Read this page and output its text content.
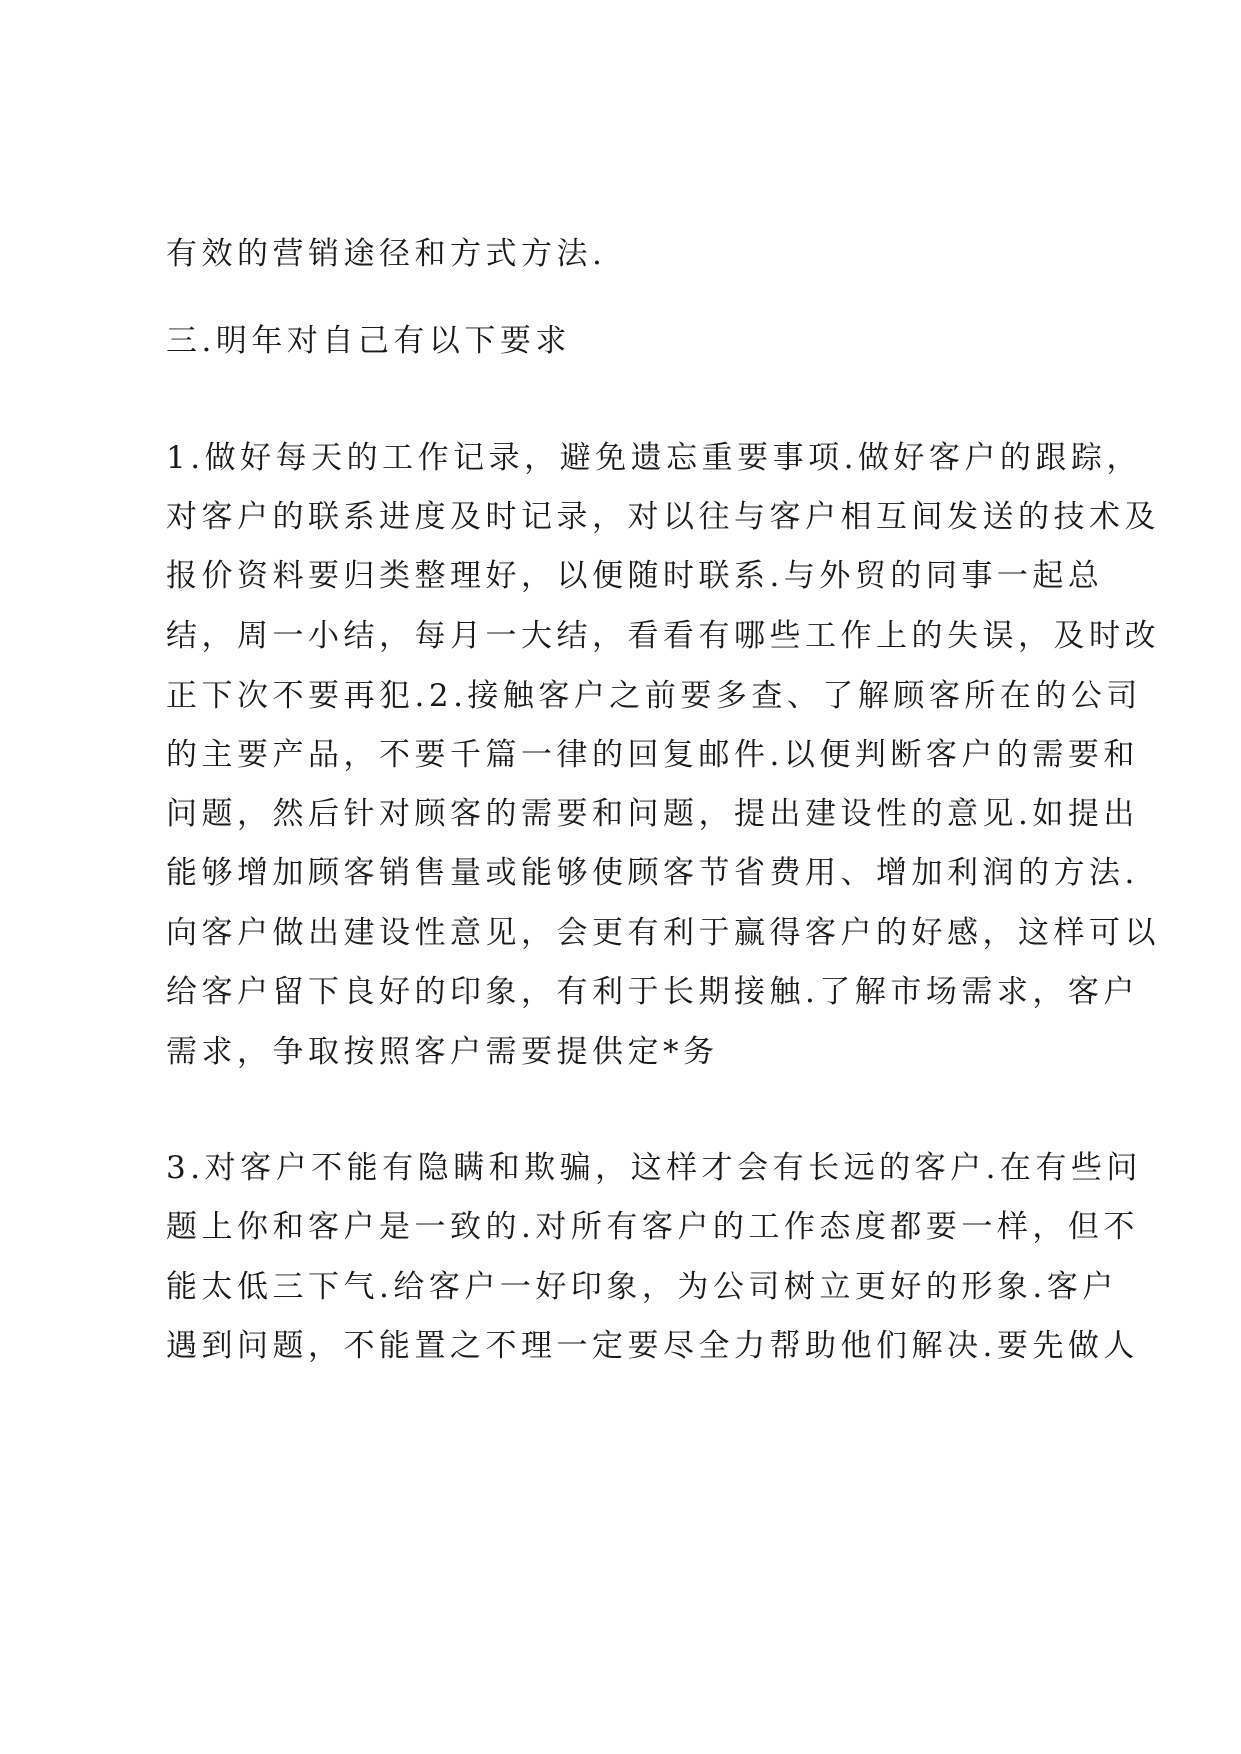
有效的营销途径和方式方法.
三.明年对自己有以下要求
1.做好每天的工作记录，避免遗忘重要事项.做好客户的跟踪，
对客户的联系进度及时记录，对以往与客户相互间发送的技术及
报价资料要归类整理好，以便随时联系.与外贸的同事一起总
结，周一小结，每月一大结，看看有哪些工作上的失误，及时改
正下次不要再犯.2.接触客户之前要多查、了解顾客所在的公司
的主要产品，不要千篇一律的回复邮件.以便判断客户的需要和
问题，然后针对顾客的需要和问题，提出建设性的意见.如提出
能够增加顾客销售量或能够使顾客节省费用、增加利润的方法.
向客户做出建设性意见，会更有利于赢得客户的好感，这样可以
给客户留下良好的印象，有利于长期接触.了解市场需求，客户
需求，争取按照客户需要提供定*务
3.对客户不能有隐瞒和欺骗，这样才会有长远的客户.在有些问
题上你和客户是一致的.对所有客户的工作态度都要一样，但不
能太低三下气.给客户一好印象，为公司树立更好的形象.客户
遇到问题，不能置之不理一定要尽全力帮助他们解决.要先做人
